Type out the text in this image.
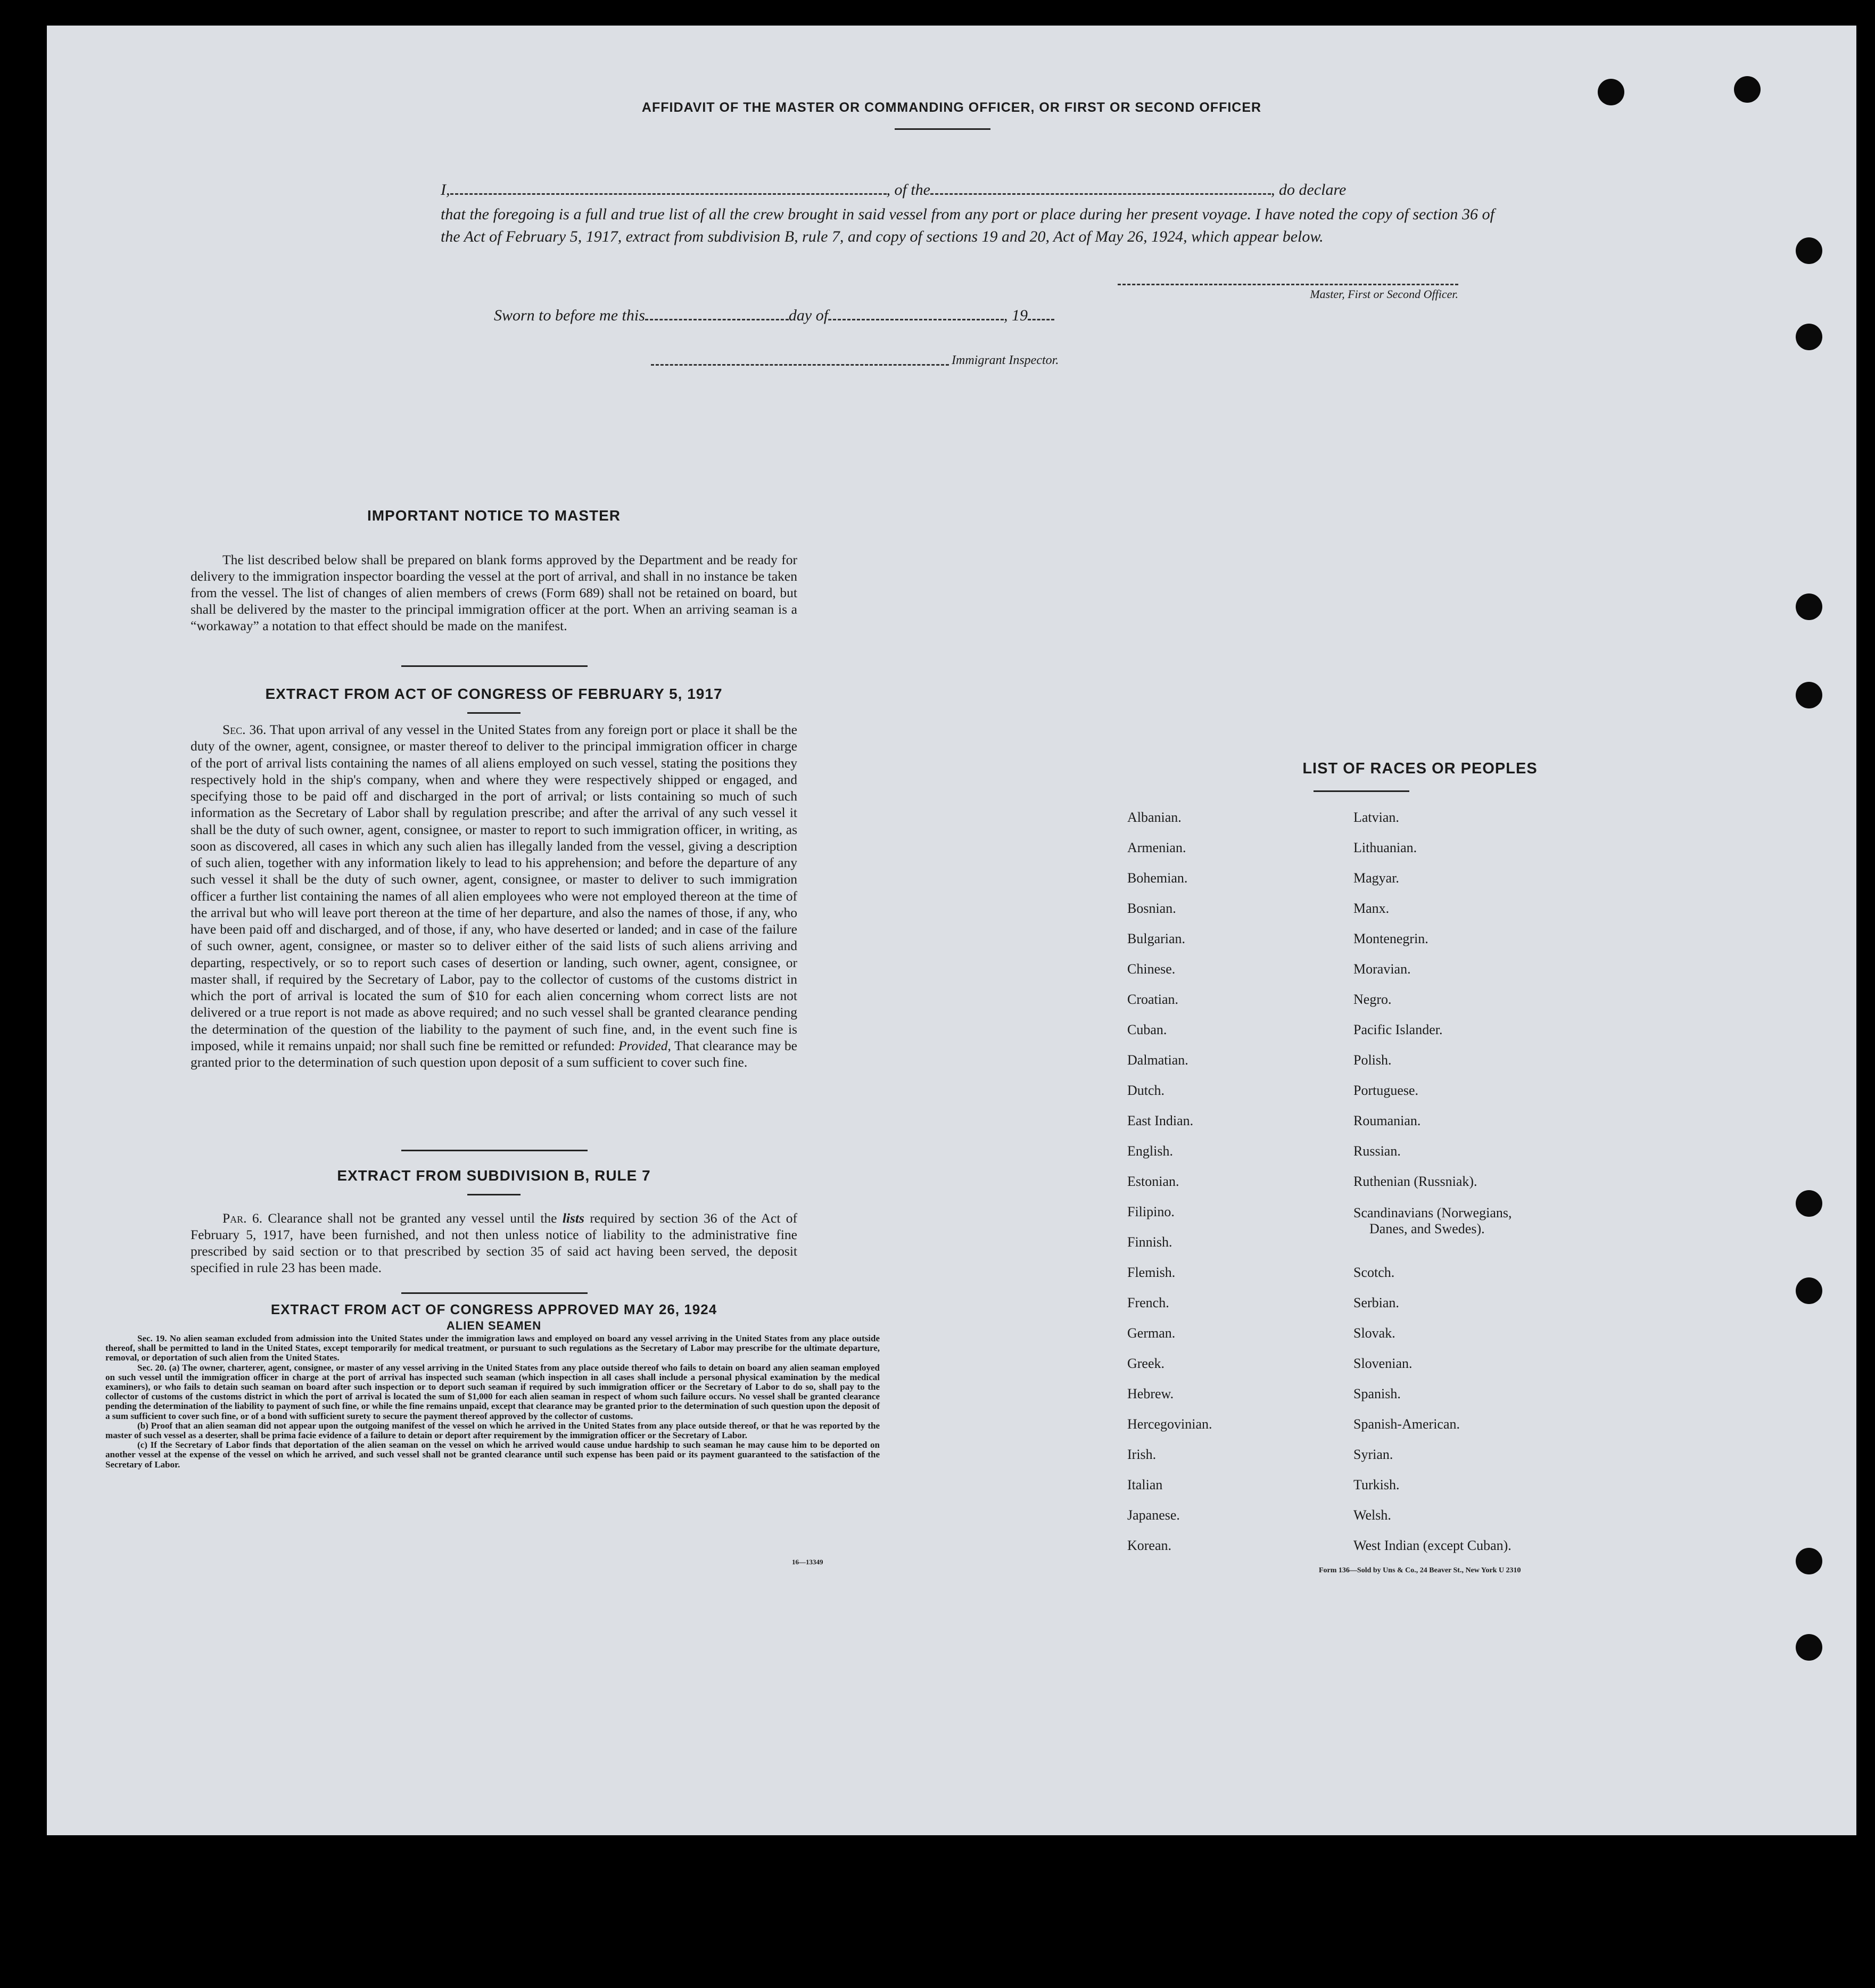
AFFIDAVIT OF THE MASTER OR COMMANDING OFFICER, OR FIRST OR SECOND OFFICER
I,	, of the	, do declare
that the foregoing is a full and true list of all the crew brought in said vessel from any port or place during her present voyage. I have noted the copy of section 36 of the Act of February 5, 1917, extract from subdivision B, rule 7, and copy of sections 19 and 20, Act of May 26, 1924, which appear below.
Master, First or Second Officer.
Sworn to before me this	day of	, 19
Immigrant Inspector.
IMPORTANT NOTICE TO MASTER
The list described below shall be prepared on blank forms approved by the Department and be ready for delivery to the immigration inspector boarding the vessel at the port of arrival, and shall in no instance be taken from the vessel. The list of changes of alien members of crews (Form 689) shall not be retained on board, but shall be delivered by the master to the principal immigration officer at the port. When an arriving seaman is a “workaway” a notation to that effect should be made on the manifest.
EXTRACT FROM ACT OF CONGRESS OF FEBRUARY 5, 1917
Sec. 36. That upon arrival of any vessel in the United States from any foreign port or place it shall be the duty of the owner, agent, consignee, or master thereof to deliver to the principal immigration officer in charge of the port of arrival lists containing the names of all aliens employed on such vessel, stating the positions they respectively hold in the ship's company, when and where they were respectively shipped or engaged, and specifying those to be paid off and discharged in the port of arrival; or lists containing so much of such information as the Secretary of Labor shall by regulation prescribe; and after the arrival of any such vessel it shall be the duty of such owner, agent, consignee, or master to report to such immigration officer, in writing, as soon as discovered, all cases in which any such alien has illegally landed from the vessel, giving a description of such alien, together with any information likely to lead to his apprehension; and before the departure of any such vessel it shall be the duty of such owner, agent, consignee, or master to deliver to such immigration officer a further list containing the names of all alien employees who were not employed thereon at the time of the arrival but who will leave port thereon at the time of her departure, and also the names of those, if any, who have been paid off and discharged, and of those, if any, who have deserted or landed; and in case of the failure of such owner, agent, consignee, or master so to deliver either of the said lists of such aliens arriving and departing, respectively, or so to report such cases of desertion or landing, such owner, agent, consignee, or master shall, if required by the Secretary of Labor, pay to the collector of customs of the customs district in which the port of arrival is located the sum of $10 for each alien concerning whom correct lists are not delivered or a true report is not made as above required; and no such vessel shall be granted clearance pending the determination of the question of the liability to the payment of such fine, and, in the event such fine is imposed, while it remains unpaid; nor shall such fine be remitted or refunded: Provided, That clearance may be granted prior to the determination of such question upon deposit of a sum sufficient to cover such fine.
EXTRACT FROM SUBDIVISION B, RULE 7
Par. 6. Clearance shall not be granted any vessel until the lists required by section 36 of the Act of February 5, 1917, have been furnished, and not then unless notice of liability to the administrative fine prescribed by said section or to that prescribed by section 35 of said act having been served, the deposit specified in rule 23 has been made.
EXTRACT FROM ACT OF CONGRESS APPROVED MAY 26, 1924
ALIEN SEAMEN
Sec. 19. No alien seaman excluded from admission into the United States under the immigration laws and employed on board any vessel arriving in the United States from any place outside thereof, shall be permitted to land in the United States, except temporarily for medical treatment, or pursuant to such regulations as the Secretary of Labor may prescribe for the ultimate departure, removal, or deportation of such alien from the United States.
Sec. 20. (a) The owner, charterer, agent, consignee, or master of any vessel arriving in the United States from any place outside thereof who fails to detain on board any alien seaman employed on such vessel until the immigration officer in charge at the port of arrival has inspected such seaman (which inspection in all cases shall include a personal physical examination by the medical examiners), or who fails to detain such seaman on board after such inspection or to deport such seaman if required by such immigration officer or the Secretary of Labor to do so, shall pay to the collector of customs of the customs district in which the port of arrival is located the sum of $1,000 for each alien seaman in respect of whom such failure occurs. No vessel shall be granted clearance pending the determination of the liability to payment of such fine, or while the fine remains unpaid, except that clearance may be granted prior to the determination of such question upon the deposit of a sum sufficient to cover such fine, or of a bond with sufficient surety to secure the payment thereof approved by the collector of customs.
(b) Proof that an alien seaman did not appear upon the outgoing manifest of the vessel on which he arrived in the United States from any place outside thereof, or that he was reported by the master of such vessel as a deserter, shall be prima facie evidence of a failure to detain or deport after requirement by the immigration officer or the Secretary of Labor.
(c) If the Secretary of Labor finds that deportation of the alien seaman on the vessel on which he arrived would cause undue hardship to such seaman he may cause him to be deported on another vessel at the expense of the vessel on which he arrived, and such vessel shall not be granted clearance until such expense has been paid or its payment guaranteed to the satisfaction of the Secretary of Labor.
16—13349
LIST OF RACES OR PEOPLES
Albanian.
Armenian.
Bohemian.
Bosnian.
Bulgarian.
Chinese.
Croatian.
Cuban.
Dalmatian.
Dutch.
East Indian.
English.
Estonian.
Filipino.
Finnish.
Flemish.
French.
German.
Greek.
Hebrew.
Hercegovinian.
Irish.
Italian
Japanese.
Korean.
Latvian.
Lithuanian.
Magyar.
Manx.
Montenegrin.
Moravian.
Negro.
Pacific Islander.
Polish.
Portuguese.
Roumanian.
Russian.
Ruthenian (Russniak).
Scandinavians (Norwegians,
Danes, and Swedes).
Scotch.
Serbian.
Slovak.
Slovenian.
Spanish.
Spanish-American.
Syrian.
Turkish.
Welsh.
West Indian (except Cuban).
Form 136—Sold by Uns & Co., 24 Beaver St., New York U 2310
